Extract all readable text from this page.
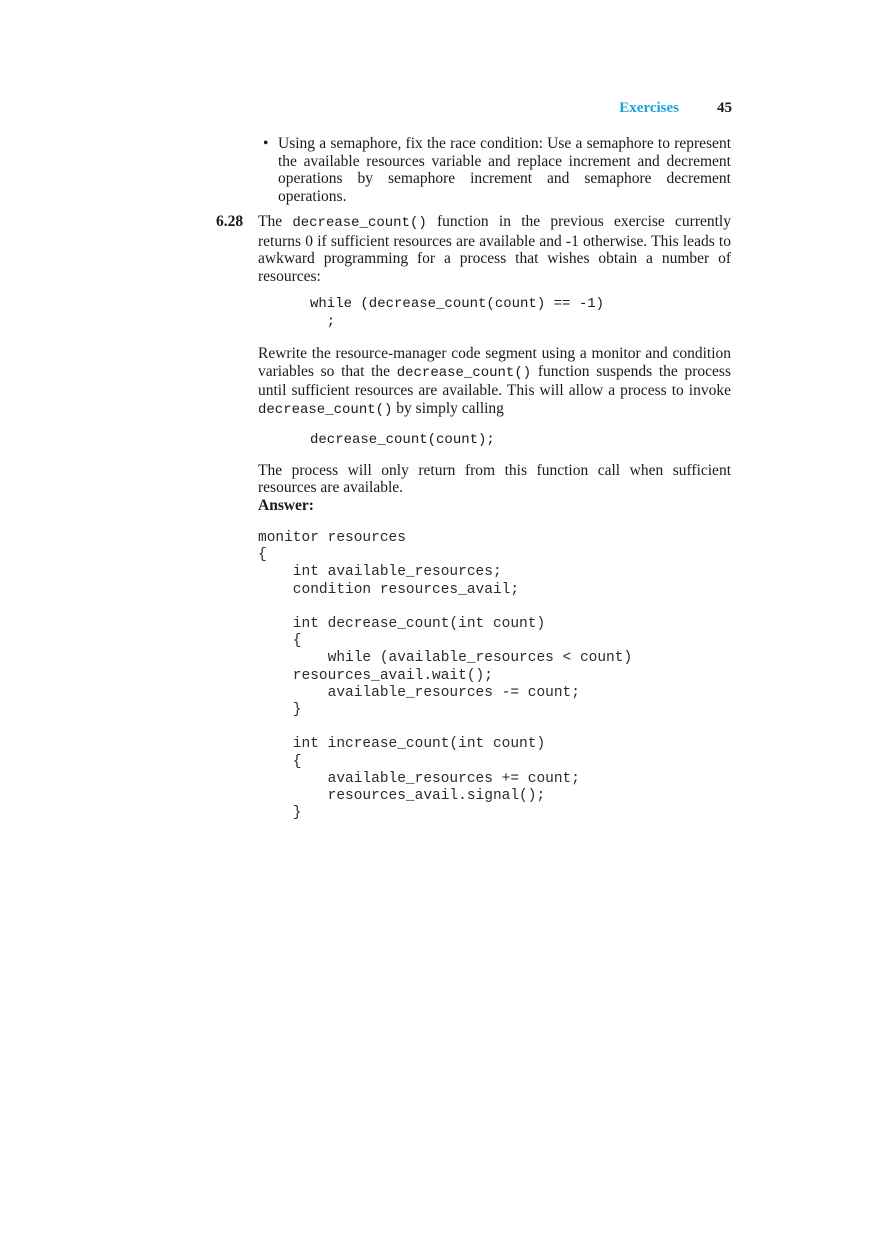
Exercises	45
• Using a semaphore, fix the race condition: Use a semaphore to represent the available resources variable and replace increment and decrement operations by semaphore increment and semaphore decrement operations.
6.28 The decrease_count() function in the previous exercise currently returns 0 if sufficient resources are available and -1 otherwise. This leads to awkward programming for a process that wishes obtain a number of resources:

while (decrease_count(count) == -1)
;

Rewrite the resource-manager code segment using a monitor and condition variables so that the decrease_count() function suspends the process until sufficient resources are available. This will allow a process to invoke decrease_count() by simply calling

decrease_count(count);

The process will only return from this function call when sufficient resources are available.

Answer:
monitor resources
{
int available_resources;
condition resources_avail;

int decrease_count(int count)
{
while (available_resources < count)
resources_avail.wait();
available_resources -= count;
}

int increase_count(int count)
{
available_resources += count;
resources_avail.signal();
}
